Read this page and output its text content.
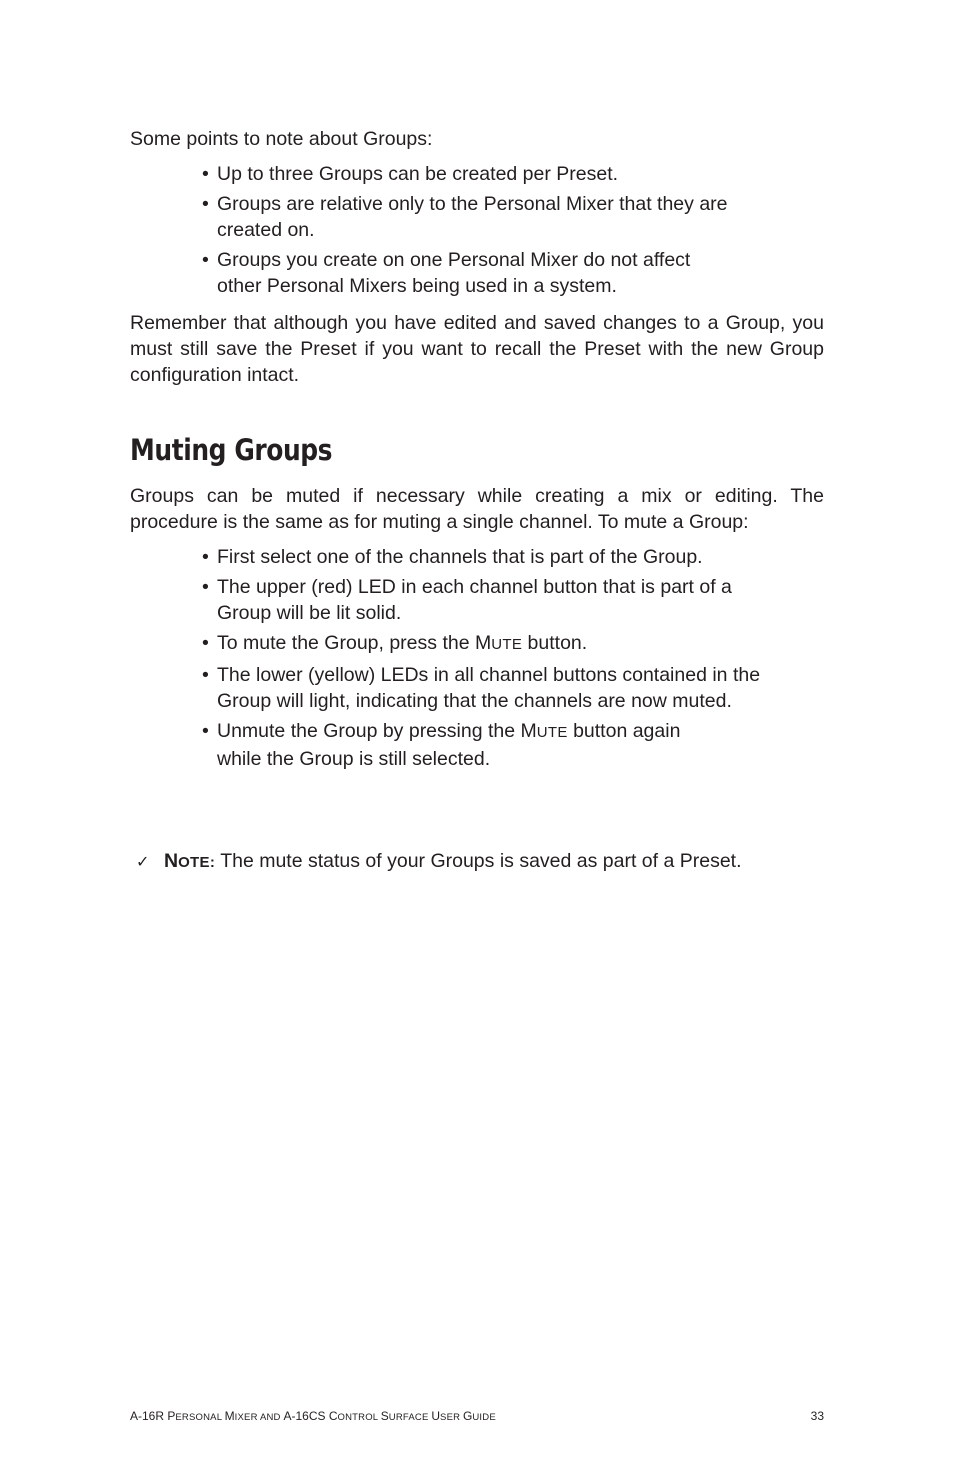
Some points to note about Groups:

• Up to three Groups can be created per Preset.
• Groups are relative only to the Personal Mixer that they are created on.
• Groups you create on one Personal Mixer do not affect other Personal Mixers being used in a system.

Remember that although you have edited and saved changes to a Group, you must still save the Preset if you want to recall the Preset with the new Group configuration intact.

Muting Groups

Groups can be muted if necessary while creating a mix or editing. The procedure is the same as for muting a single channel. To mute a Group:

• First select one of the channels that is part of the Group.
• The upper (red) LED in each channel button that is part of a Group will be lit solid.
• To mute the Group, press the MUTE button.
• The lower (yellow) LEDs in all channel buttons contained in the Group will light, indicating that the channels are now muted.
• Unmute the Group by pressing the MUTE button again while the Group is still selected.
✓ NOTE: The mute status of your Groups is saved as part of a Preset.
A-16R PERSONAL MIXER AND A-16CS CONTROL SURFACE USER GUIDE	33
